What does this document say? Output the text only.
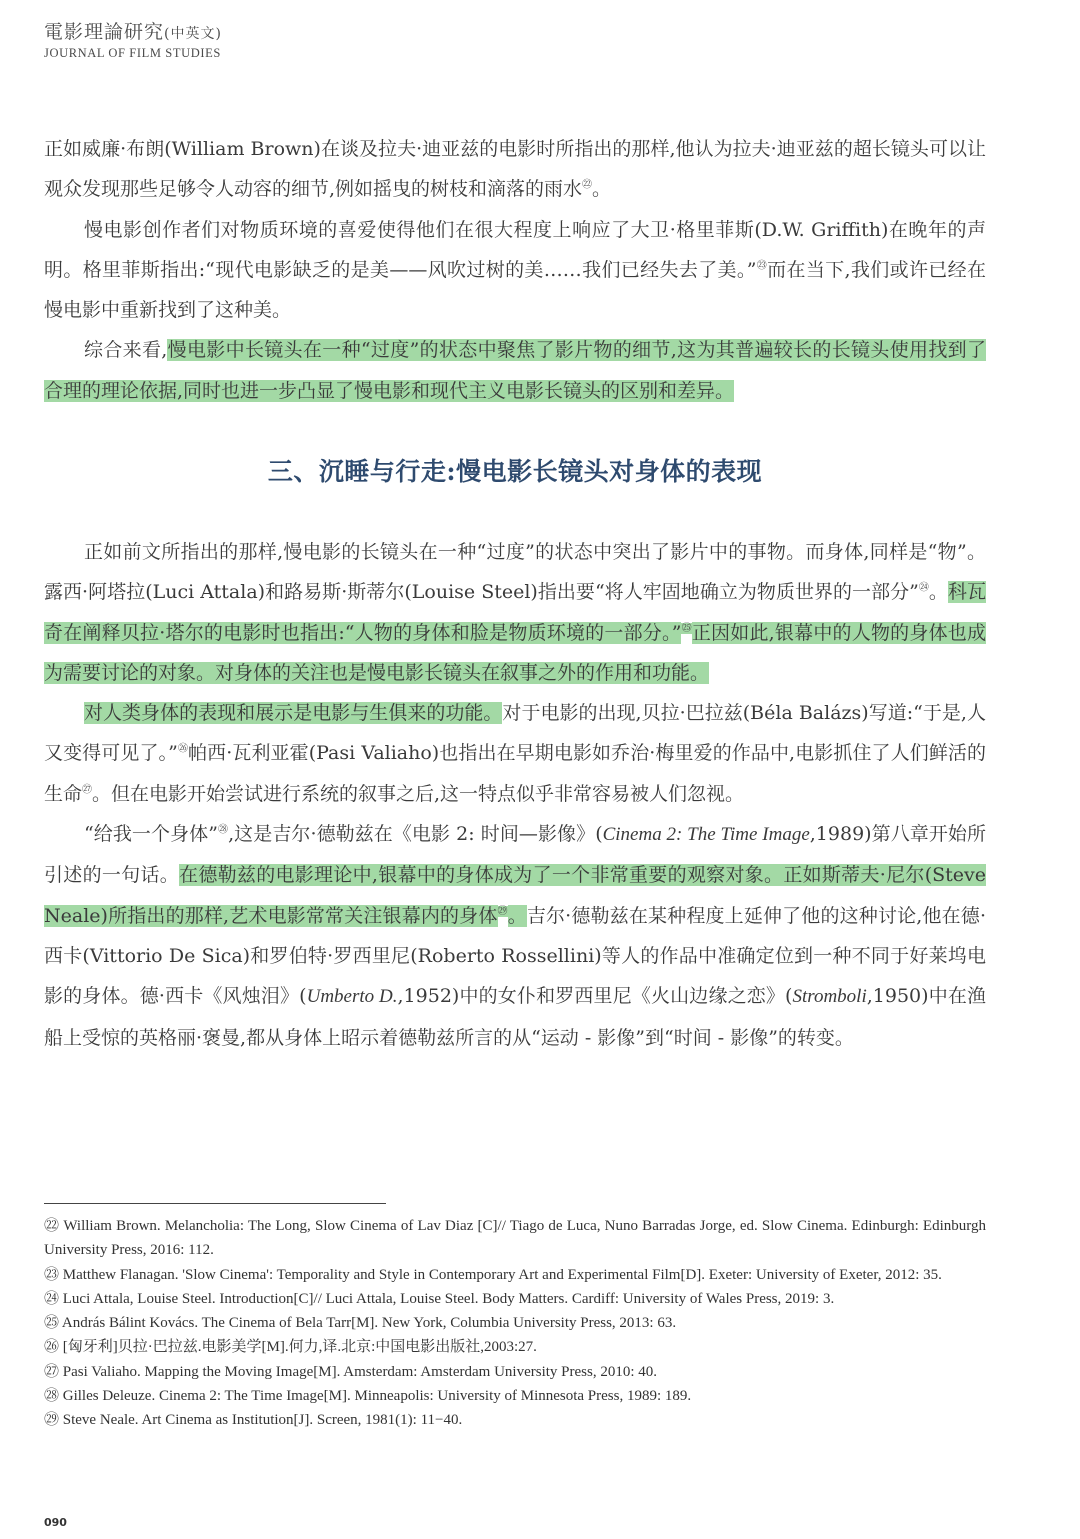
電影理論研究(中英文)
JOURNAL OF FILM STUDIES

正如威廉·布朗(William Brown)在谈及拉夫·迪亚兹的电影时所指出的那样,他认为拉夫·迪亚兹的超长镜头可以让观众发现那些足够令人动容的细节,例如摇曳的树枝和滴落的雨水$^㉒$。

慢电影创作者们对物质环境的喜爱使得他们在很大程度上响应了大卫·格里菲斯(D.W. Griffith)在晚年的声明。格里菲斯指出:“现代电影缺乏的是美——风吹过树的美……我们已经失去了美。”$^㉓$而在当下,我们或许已经在慢电影中重新找到了这种美。

综合来看,慢电影中长镜头在一种“过度”的状态中聚焦了影片物的细节,这为其普遍较长的长镜头使用找到了合理的理论依据,同时也进一步凸显了慢电影和现代主义电影长镜头的区别和差异。

三、沉睡与行走:慢电影长镜头对身体的表现

正如前文所指出的那样,慢电影的长镜头在一种“过度”的状态中突出了影片中的事物。而身体,同样是“物”。露西·阿塔拉(Luci Attala)和路易斯·斯蒂尔(Louise Steel)指出要“将人牢固地确立为物质世界的一部分”$^㉔$。科瓦奇在阐释贝拉·塔尔的电影时也指出:“人物的身体和脸是物质环境的一部分。”$^㉕$正因如此,银幕中的人物的身体也成为需要讨论的对象。对身体的关注也是慢电影长镜头在叙事之外的作用和功能。

对人类身体的表现和展示是电影与生俱来的功能。对于电影的出现,贝拉·巴拉兹(Béla Balázs)写道:“于是,人又变得可见了。”$^㉖$帕西·瓦利亚霍(Pasi Valiaho)也指出在早期电影如乔治·梅里爱的作品中,电影抓住了人们鲜活的生命$^㉗$。但在电影开始尝试进行系统的叙事之后,这一特点似乎非常容易被人们忽视。

“给我一个身体”$^㉘$,这是吉尔·德勒兹在《电影 2: 时间—影像》(Cinema 2: The Time Image,1989)第八章开始所引述的一句话。在德勒兹的电影理论中,银幕中的身体成为了一个非常重要的观察对象。正如斯蒂夫·尼尔(Steve Neale)所指出的那样,艺术电影常常关注银幕内的身体$^㉙$。吉尔·德勒兹在某种程度上延伸了他的这种讨论,他在德·西卡(Vittorio De Sica)和罗伯特·罗西里尼(Roberto Rossellini)等人的作品中准确定位到一种不同于好莱坞电影的身体。德·西卡《风烛泪》(Umberto D.,1952)中的女仆和罗西里尼《火山边缘之恋》(Stromboli,1950)中在渔船上受惊的英格丽·褒曼,都从身体上昭示着德勒兹所言的从“运动 - 影像”到“时间 - 影像”的转变。

㉒ William Brown. Melancholia: The Long, Slow Cinema of Lav Diaz [C]// Tiago de Luca, Nuno Barradas Jorge, ed. Slow Cinema. Edinburgh: Edinburgh University Press, 2016: 112.

㉓ Matthew Flanagan. 'Slow Cinema': Temporality and Style in Contemporary Art and Experimental Film[D]. Exeter: University of Exeter, 2012: 35.

㉔ Luci Attala, Louise Steel. Introduction[C]// Luci Attala, Louise Steel. Body Matters. Cardiff: University of Wales Press, 2019: 3.

㉕ András Bálint Kovács. The Cinema of Bela Tarr[M]. New York, Columbia University Press, 2013: 63.

㉖ [匈牙利]贝拉·巴拉兹.电影美学[M].何力,译.北京:中国电影出版社,2003:27.

㉗ Pasi Valiaho. Mapping the Moving Image[M]. Amsterdam: Amsterdam University Press, 2010: 40.

㉘ Gilles Deleuze. Cinema 2: The Time Image[M]. Minneapolis: University of Minnesota Press, 1989: 189.

㉙ Steve Neale. Art Cinema as Institution[J]. Screen, 1981(1): 11−40.

090
